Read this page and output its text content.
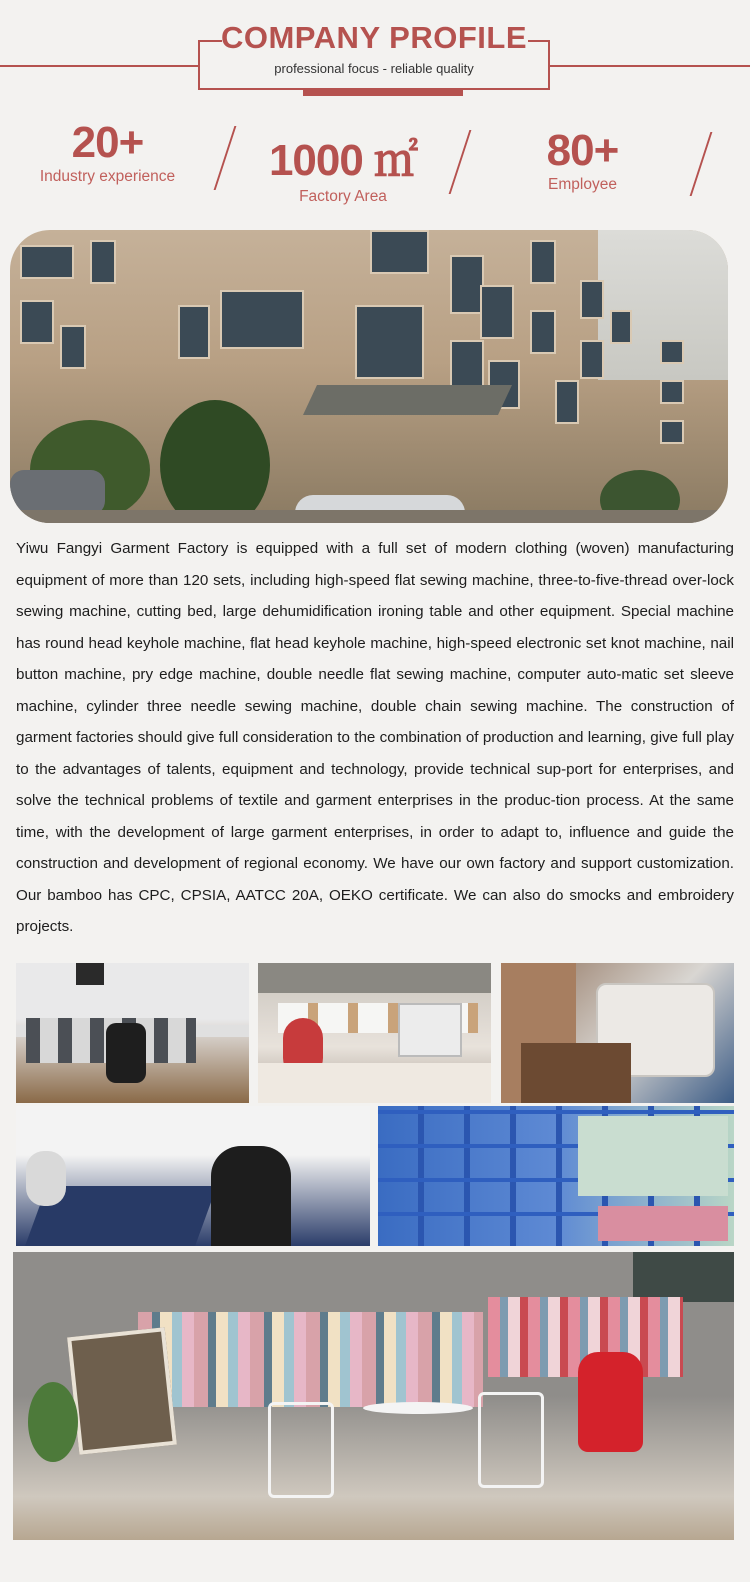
COMPANY PROFILE
professional focus - reliable quality
20+
Industry experience	1000 ㎡
Factory Area
80+
Employee
Yiwu Fangyi Garment Factory is equipped with a full set of modern clothing (woven) manufacturing equipment of more than 120 sets, including high-speed flat sewing machine, three-to-five-thread over-lock sewing machine, cutting bed, large dehumidification ironing table and other equipment. Special machine has round head keyhole machine, flat head keyhole machine, high-speed electronic set knot machine, nail button machine, pry edge machine, double needle flat sewing machine, computer auto-matic set sleeve machine, cylinder three needle sewing machine, double chain sewing machine. The construction of garment factories should give full consideration to the combination of production and learning, give full play to the advantages of talents, equipment and technology, provide technical sup-port for enterprises, and solve the technical problems of textile and garment enterprises in the produc-tion process. At the same time, with the development of large garment enterprises, in order to adapt to, influence and guide the construction and development of regional economy. We have our own factory and support customization. Our bamboo has CPC, CPSIA, AATCC 20A, OEKO certificate. We can also do smocks and embroidery projects.
